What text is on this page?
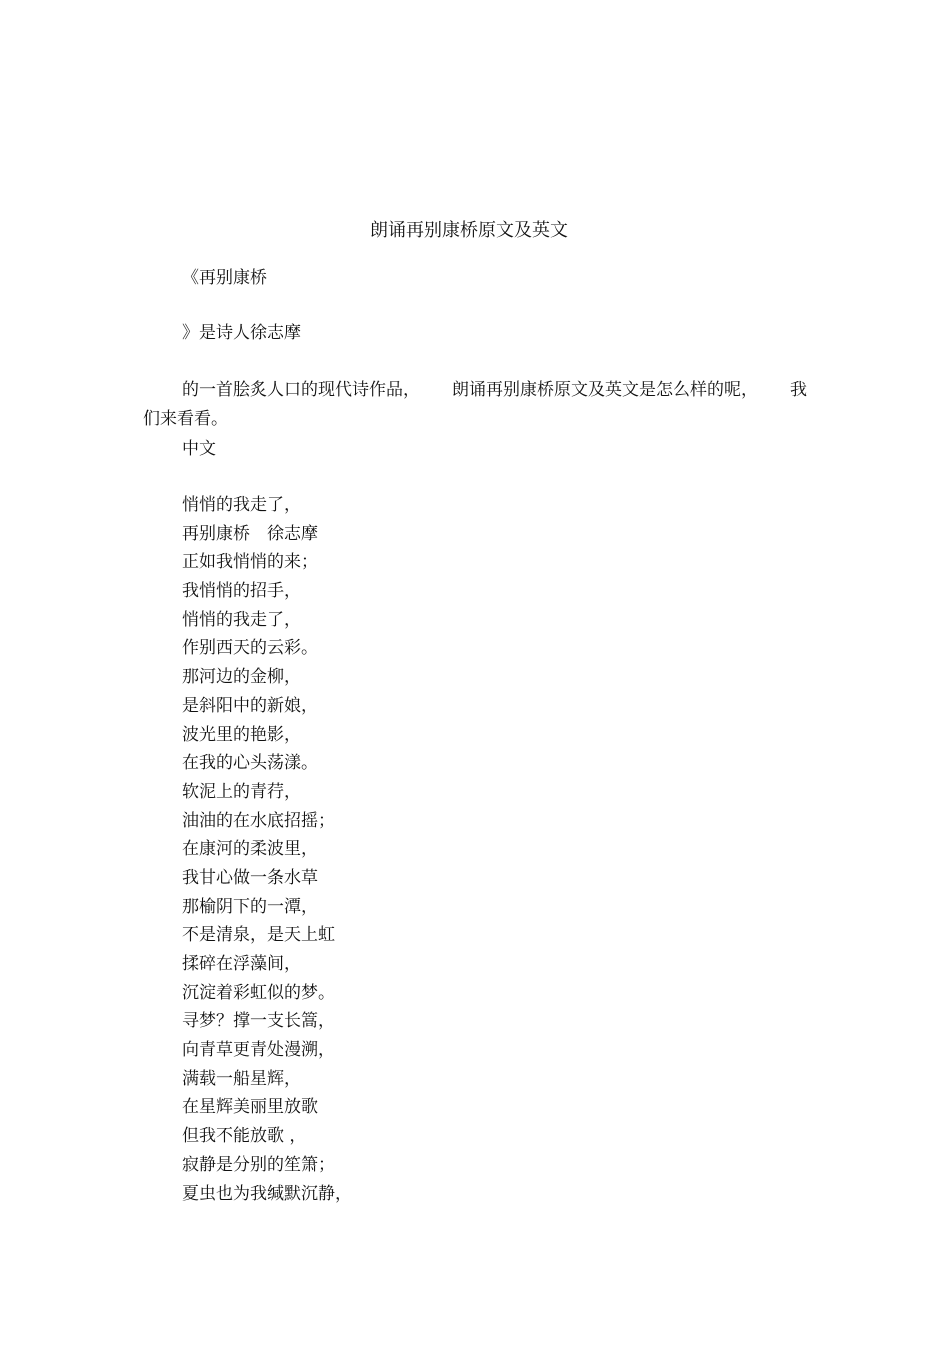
朗诵再别康桥原文及英文
《再别康桥
》是诗人徐志摩
的一首脍炙人口的现代诗作品， 朗诵再别康桥原文及英文是怎么样的呢， 我
们来看看。
中文
悄悄的我走了，
再别康桥　徐志摩
正如我悄悄的来；
我悄悄的招手，
悄悄的我走了，
作别西天的云彩。
那河边的金柳，
是斜阳中的新娘，
波光里的艳影，
在我的心头荡漾。
软泥上的青荇，
油油的在水底招摇；
在康河的柔波里，
我甘心做一条水草
那榆阴下的一潭，
不是清泉，是天上虹
揉碎在浮藻间，
沉淀着彩虹似的梦。
寻梦？撑一支长篙，
向青草更青处漫溯，
满载一船星辉，
在星辉美丽里放歌
但我不能放歌 ，
寂静是分别的笙箫；
夏虫也为我缄默沉静，
